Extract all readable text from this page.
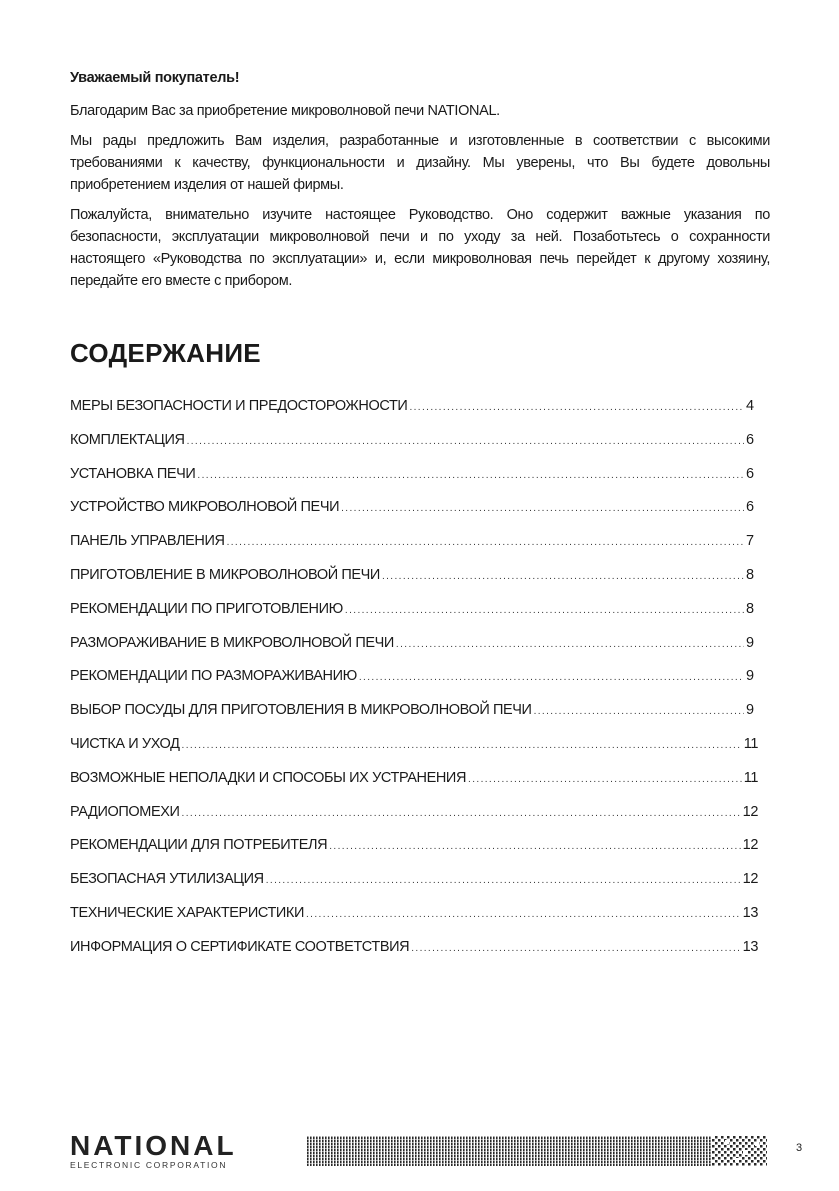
Уважаемый покупатель!

Благодарим Вас за приобретение микроволновой печи NATIONAL.

Мы рады предложить Вам изделия, разработанные и изготовленные в соответствии с высокими требованиями к качеству, функциональности и дизайну. Мы уверены, что Вы будете довольны приобретением изделия от нашей фирмы.

Пожалуйста, внимательно изучите настоящее Руководство. Оно содержит важные указания по безопасности, эксплуатации микроволновой печи и по уходу за ней. Позаботьтесь о сохранности настоящего «Руководства по эксплуатации» и, если микроволновая печь перейдет к другому хозяину, передайте его вместе с прибором.

СОДЕРЖАНИЕ
МЕРЫ БЕЗОПАСНОСТИ И ПРЕДОСТОРОЖНОСТИ .....	4
КОМПЛЕКТАЦИЯ .....	6
УСТАНОВКА ПЕЧИ .....	6
УСТРОЙСТВО МИКРОВОЛНОВОЙ ПЕЧИ .....	6
ПАНЕЛЬ УПРАВЛЕНИЯ .....	7
ПРИГОТОВЛЕНИЕ В МИКРОВОЛНОВОЙ ПЕЧИ .....	8
РЕКОМЕНДАЦИИ ПО ПРИГОТОВЛЕНИЮ .....	8
РАЗМОРАЖИВАНИЕ В МИКРОВОЛНОВОЙ ПЕЧИ .....	9
РЕКОМЕНДАЦИИ ПО РАЗМОРАЖИВАНИЮ .....	9
ВЫБОР ПОСУДЫ ДЛЯ ПРИГОТОВЛЕНИЯ В МИКРОВОЛНОВОЙ ПЕЧИ .....	9
ЧИСТКА И УХОД .....	11
ВОЗМОЖНЫЕ НЕПОЛАДКИ И СПОСОБЫ ИХ УСТРАНЕНИЯ .....	11
РАДИОПОМЕХИ .....	12
РЕКОМЕНДАЦИИ ДЛЯ ПОТРЕБИТЕЛЯ .....	12
БЕЗОПАСНАЯ УТИЛИЗАЦИЯ .....	12
ТЕХНИЧЕСКИЕ ХАРАКТЕРИСТИКИ .....	13
ИНФОРМАЦИЯ О СЕРТИФИКАТЕ СООТВЕТСТВИЯ .....	13
NATIONAL
ELECTRONIC CORPORATION
3
